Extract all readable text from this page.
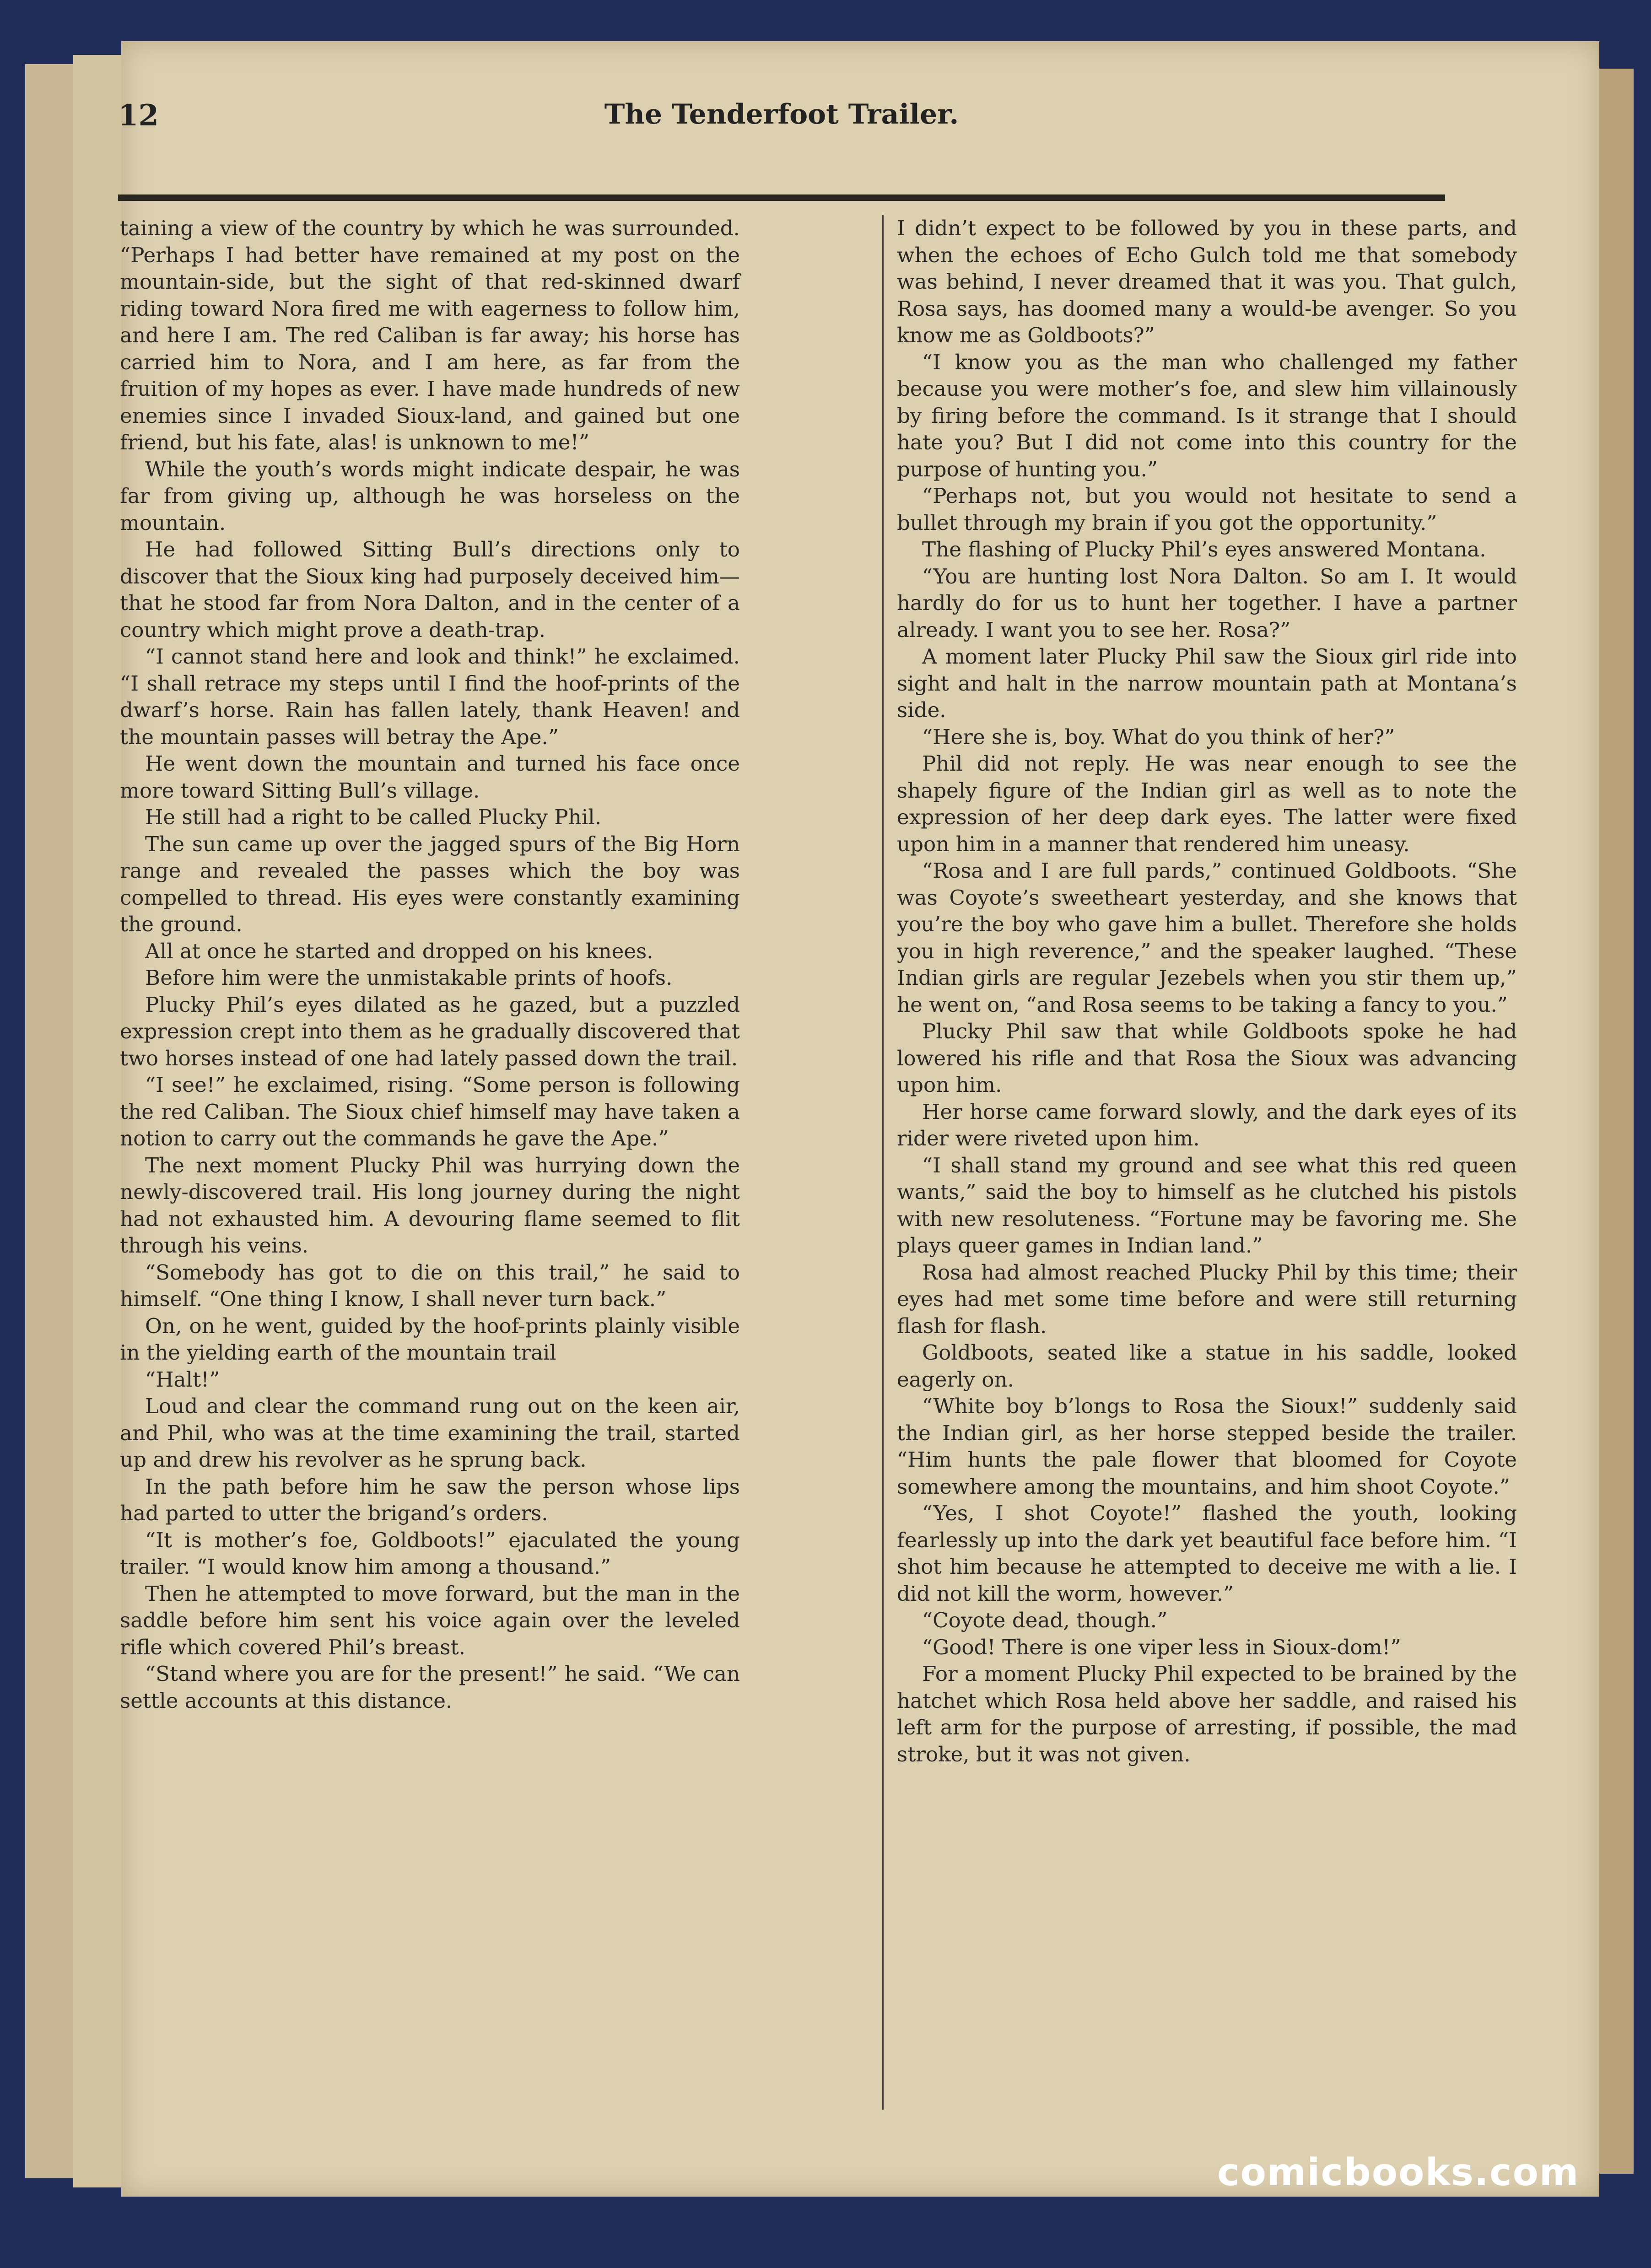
12	The Tenderfoot Trailer.

taining a view of the country by which he was surrounded. “Perhaps I had better have remained at my post on the mountain-side, but the sight of that red-skinned dwarf riding toward Nora fired me with eagerness to follow him, and here I am. The red Caliban is far away; his horse has carried him to Nora, and I am here, as far from the fruition of my hopes as ever. I have made hundreds of new enemies since I invaded Sioux-land, and gained but one friend, but his fate, alas! is unknown to me!”

While the youth’s words might indicate despair, he was far from giving up, although he was horseless on the mountain.

He had followed Sitting Bull’s directions only to discover that the Sioux king had purposely deceived him—that he stood far from Nora Dalton, and in the center of a country which might prove a death-trap.

“I cannot stand here and look and think!” he exclaimed. “I shall retrace my steps until I find the hoof-prints of the dwarf’s horse. Rain has fallen lately, thank Heaven! and the mountain passes will betray the Ape.”

He went down the mountain and turned his face once more toward Sitting Bull’s village.

He still had a right to be called Plucky Phil.

The sun came up over the jagged spurs of the Big Horn range and revealed the passes which the boy was compelled to thread. His eyes were constantly examining the ground.

All at once he started and dropped on his knees.

Before him were the unmistakable prints of hoofs.

Plucky Phil’s eyes dilated as he gazed, but a puzzled expression crept into them as he gradually discovered that two horses instead of one had lately passed down the trail.

“I see!” he exclaimed, rising. “Some person is following the red Caliban. The Sioux chief himself may have taken a notion to carry out the commands he gave the Ape.”

The next moment Plucky Phil was hurrying down the newly-discovered trail. His long journey during the night had not exhausted him. A devouring flame seemed to flit through his veins.

“Somebody has got to die on this trail,” he said to himself. “One thing I know, I shall never turn back.”

On, on he went, guided by the hoof-prints plainly visible in the yielding earth of the mountain trail

“Halt!”

Loud and clear the command rung out on the keen air, and Phil, who was at the time examining the trail, started up and drew his revolver as he sprung back.

In the path before him he saw the person whose lips had parted to utter the brigand’s orders.

“It is mother’s foe, Goldboots!” ejaculated the young trailer. “I would know him among a thousand.”

Then he attempted to move forward, but the man in the saddle before him sent his voice again over the leveled rifle which covered Phil’s breast.

“Stand where you are for the present!” he said. “We can settle accounts at this distance.

I didn’t expect to be followed by you in these parts, and when the echoes of Echo Gulch told me that somebody was behind, I never dreamed that it was you. That gulch, Rosa says, has doomed many a would-be avenger. So you know me as Goldboots?”

“I know you as the man who challenged my father because you were mother’s foe, and slew him villainously by firing before the command. Is it strange that I should hate you? But I did not come into this country for the purpose of hunting you.”

“Perhaps not, but you would not hesitate to send a bullet through my brain if you got the opportunity.”

The flashing of Plucky Phil’s eyes answered Montana.

“You are hunting lost Nora Dalton. So am I. It would hardly do for us to hunt her together. I have a partner already. I want you to see her. Rosa?”

A moment later Plucky Phil saw the Sioux girl ride into sight and halt in the narrow mountain path at Montana’s side.

“Here she is, boy. What do you think of her?”

Phil did not reply. He was near enough to see the shapely figure of the Indian girl as well as to note the expression of her deep dark eyes. The latter were fixed upon him in a manner that rendered him uneasy.

“Rosa and I are full pards,” continued Goldboots. “She was Coyote’s sweetheart yesterday, and she knows that you’re the boy who gave him a bullet. Therefore she holds you in high reverence,” and the speaker laughed. “These Indian girls are regular Jezebels when you stir them up,” he went on, “and Rosa seems to be taking a fancy to you.”

Plucky Phil saw that while Goldboots spoke he had lowered his rifle and that Rosa the Sioux was advancing upon him.

Her horse came forward slowly, and the dark eyes of its rider were riveted upon him.

“I shall stand my ground and see what this red queen wants,” said the boy to himself as he clutched his pistols with new resoluteness. “Fortune may be favoring me. She plays queer games in Indian land.”

Rosa had almost reached Plucky Phil by this time; their eyes had met some time before and were still returning flash for flash.

Goldboots, seated like a statue in his saddle, looked eagerly on.

“White boy b’longs to Rosa the Sioux!” suddenly said the Indian girl, as her horse stepped beside the trailer. “Him hunts the pale flower that bloomed for Coyote somewhere among the mountains, and him shoot Coyote.”

“Yes, I shot Coyote!” flashed the youth, looking fearlessly up into the dark yet beautiful face before him. “I shot him because he attempted to deceive me with a lie. I did not kill the worm, however.”

“Coyote dead, though.”

“Good! There is one viper less in Sioux-dom!”

For a moment Plucky Phil expected to be brained by the hatchet which Rosa held above her saddle, and raised his left arm for the purpose of arresting, if possible, the mad stroke, but it was not given.

comicbooks.com
